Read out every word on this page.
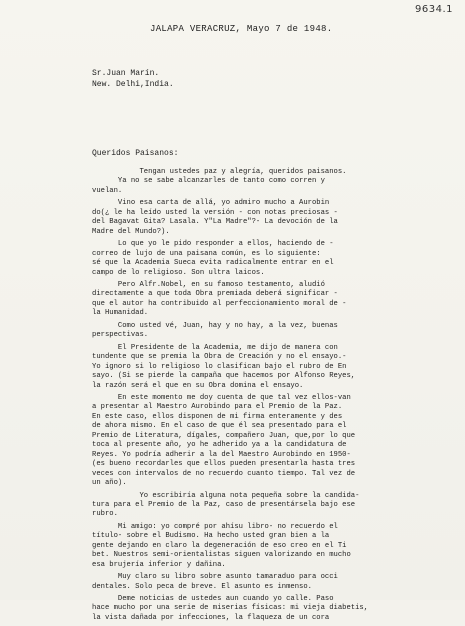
9634.1
JALAPA VERACRUZ, Mayo 7 de 1948.
Sr.Juan Marín.
New. Delhi,India.
Queridos Paisanos:

Tengan ustedes paz y alegría, queridos paisanos.
Ya no se sabe alcanzarles de tanto como corren y
vuelan.

Vino esa carta de allá, yo admiro mucho a Aurobin
do(¿ le ha leído usted la versión - con notas preciosas -
del Bagavat Gita? Lasala. Y"La Madre"?- La devoción de la
Madre del Mundo?).

Lo que yo le pido responder a ellos, haciendo de -
correo de lujo de una paisana común, es lo siguiente:
sé que la Academia Sueca evita radicalmente entrar en el
campo de lo religioso. Son ultra laicos.

Pero Alfr.Nobel, en su famoso testamento, aludió
directamente a que toda Obra premiada deberá significar -
que el autor ha contribuido al perfeccionamiento moral de -
la Humanidad.

Como usted vé, Juan, hay y no hay, a la vez, buenas
perspectivas.

El Presidente de la Academia, me dijo de manera con
tundente que se premia la Obra de Creación y no el ensayo.-
Yo ignoro si lo religioso lo clasifican bajo el rubro de En
sayo. (Si se pierde la campaña que hacemos por Alfonso Reyes,
la razón será el que en su Obra domina el ensayo.

En este momento me doy cuenta de que tal vez ellos-van
a presentar al Maestro Aurobindo para el Premio de la Paz.
En este caso, ellos disponen de mi firma enteramente y des
de ahora mismo. En el caso de que él sea presentado para el
Premio de Literatura, dígales, compañero Juan, que,por lo que
toca al presente año, yo he adherido ya a la candidatura de
Reyes. Yo podría adherir a la del Maestro Aurobindo en 1950-
(es bueno recordarles que ellos pueden presentarla hasta tres
veces con intervalos de no recuerdo cuanto tiempo. Tal vez de
un año).

Yo escribiría alguna nota pequeña sobre la candida-
tura para el Premio de la Paz, caso de presentársela bajo ese
rubro.

Mi amigo: yo compré por ahísu libro- no recuerdo el
título- sobre el Budismo. Ha hecho usted gran bien a la
gente dejando en claro la degeneración de eso creo en el Ti
bet. Nuestros semi-orientalistas siguen valorizando en mucho
esa brujería inferior y dañina.

Muy claro su libro sobre asunto tamaraduo para occi
dentales. Solo peca de breve. El asunto es inmenso.

Deme noticias de ustedes aun cuando yo calle. Paso
hace mucho por una serie de miserias físicas: mi vieja diabetis,
la vista dañada por infecciones, la flaqueza de un cora
